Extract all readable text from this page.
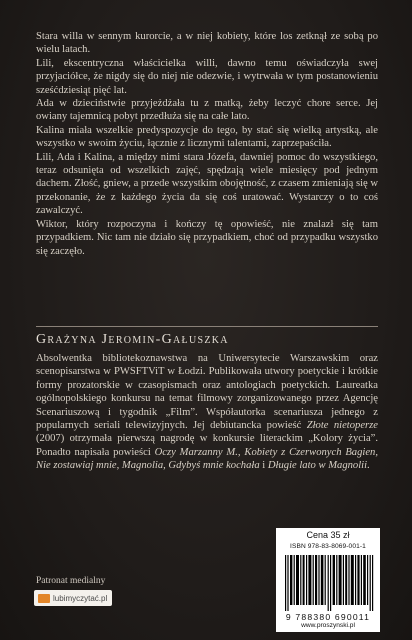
Stara willa w sennym kurorcie, a w niej kobiety, które los zetknął ze sobą po wielu latach.

Lili, ekscentryczna właścicielka willi, dawno temu oświadczyła swej przyjaciółce, że nigdy się do niej nie odezwie, i wytrwała w tym postanowieniu sześćdziesiąt pięć lat.

Ada w dzieciństwie przyjeżdżała tu z matką, żeby leczyć chore serce. Jej owiany tajemnicą pobyt przedłuża się na całe lato.

Kalina miała wszelkie predyspozycje do tego, by stać się wielką artystką, ale wszystko w swoim życiu, łącznie z licznymi talentami, zaprzepaściła.

Lili, Ada i Kalina, a między nimi stara Józefa, dawniej pomoc do wszystkiego, teraz odsunięta od wszelkich zajęć, spędzają wiele miesięcy pod jednym dachem. Złość, gniew, a przede wszystkim obojętność, z czasem zmieniają się w przekonanie, że z każdego życia da się coś uratować. Wystarczy o to coś zawalczyć.

Wiktor, który rozpoczyna i kończy tę opowieść, nie znalazł się tam przypadkiem. Nic tam nie działo się przypadkiem, choć od przypadku wszystko się zaczęło.

Grażyna Jeromin-Gałuszka
Absolwentka bibliotekoznawstwa na Uniwersytecie Warszawskim oraz scenopisarstwa w PWSFTViT w Łodzi. Publikowała utwory poetyckie i krótkie formy prozatorskie w czasopismach oraz antologiach poetyckich. Laureatka ogólnopolskiego konkursu na temat filmowy zorganizowanego przez Agencję Scenariuszową i tygodnik „Film”. Współautorka scenariusza jednego z popularnych seriali telewizyjnych. Jej debiutancka powieść Złote nietoperze (2007) otrzymała pierwszą nagrodę w konkursie literackim „Kolory życia”. Ponadto napisała powieści Oczy Marzanny M., Kobiety z Czerwonych Bagien, Nie zostawiaj mnie, Magnolia, Gdybyś mnie kochała i Długie lato w Magnolii.
Patronat medialny
lubimyczytać.pl
Cena 35 zł
ISBN 978-83-8069-001-1
9 788380 690011
www.proszynski.pl
